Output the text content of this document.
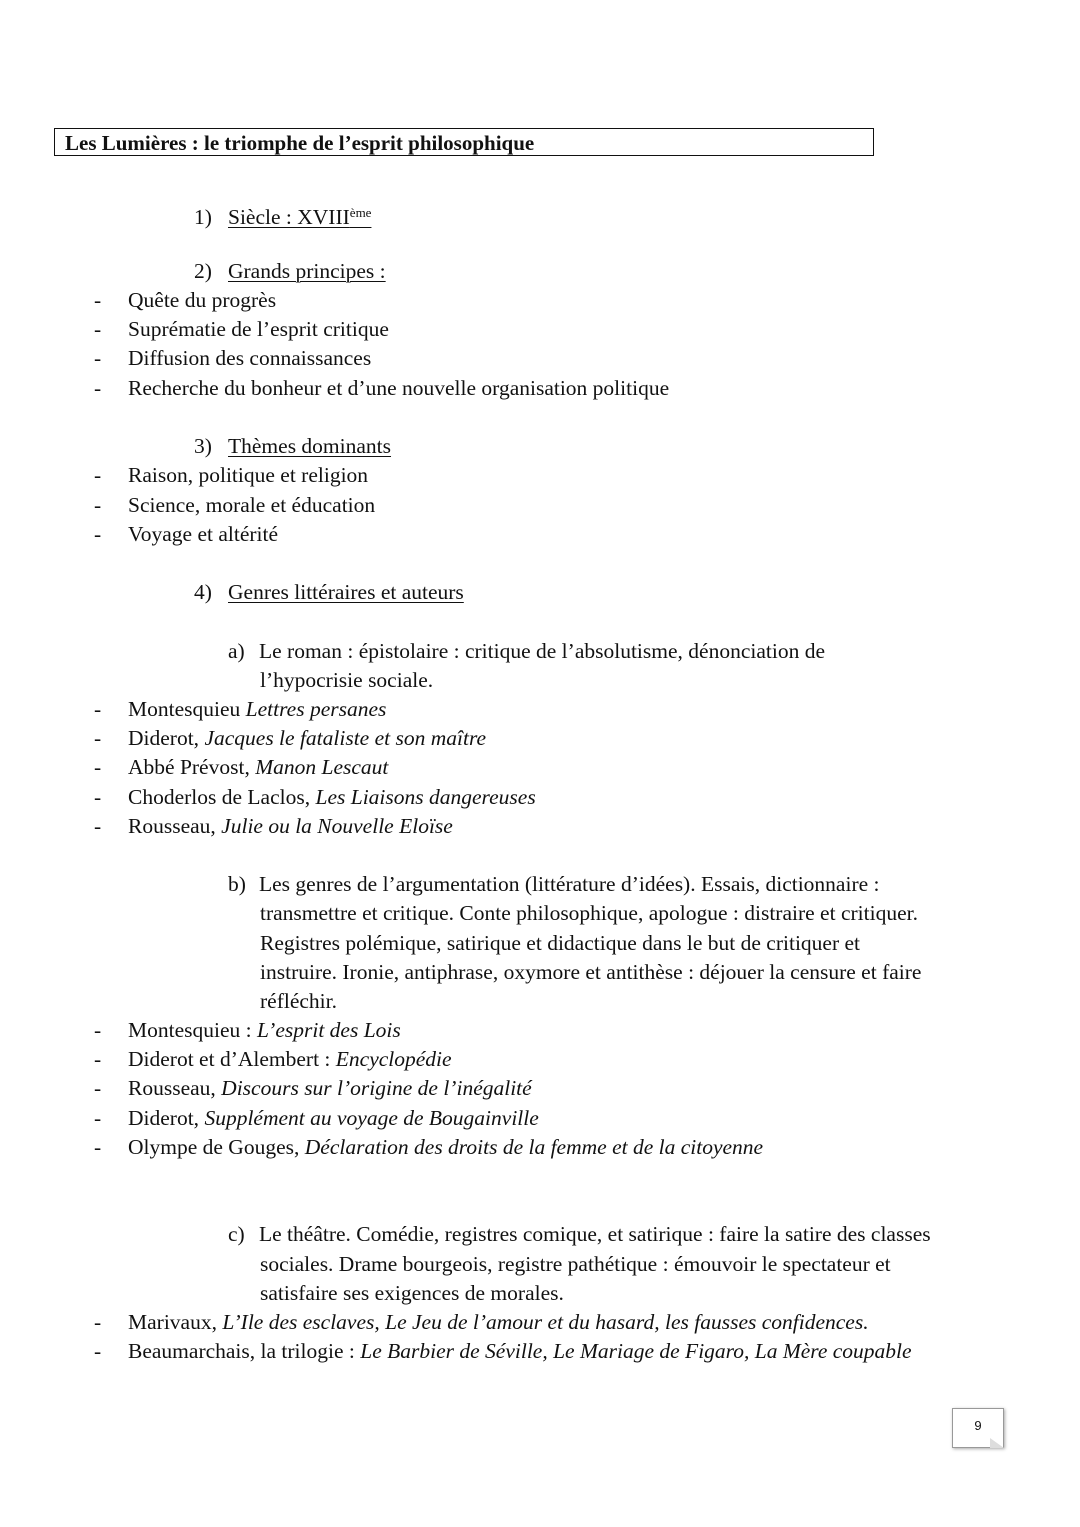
Les Lumières : le triomphe de l’esprit philosophique
1) Siècle : XVIIIème
2) Grands principes :
- Quête du progrès
- Suprématie de l’esprit critique
- Diffusion des connaissances
- Recherche du bonheur et d’une nouvelle organisation politique
3) Thèmes dominants
- Raison, politique et religion
- Science, morale et éducation
- Voyage et altérité
4) Genres littéraires et auteurs
a) Le roman : épistolaire : critique de l’absolutisme, dénonciation de
l’hypocrisie sociale.
- Montesquieu Lettres persanes
- Diderot, Jacques le fataliste et son maître
- Abbé Prévost, Manon Lescaut
- Choderlos de Laclos, Les Liaisons dangereuses
- Rousseau, Julie ou la Nouvelle Eloïse
b) Les genres de l’argumentation (littérature d’idées). Essais, dictionnaire :
transmettre et critique. Conte philosophique, apologue : distraire et critiquer.
Registres polémique, satirique et didactique dans le but de critiquer et
instruire. Ironie, antiphrase, oxymore et antithèse : déjouer la censure et faire
réfléchir.
- Montesquieu : L’esprit des Lois
- Diderot et d’Alembert : Encyclopédie
- Rousseau, Discours sur l’origine de l’inégalité
- Diderot, Supplément au voyage de Bougainville
- Olympe de Gouges, Déclaration des droits de la femme et de la citoyenne
c) Le théâtre. Comédie, registres comique, et satirique : faire la satire des classes
sociales. Drame bourgeois, registre pathétique : émouvoir le spectateur et
satisfaire ses exigences de morales.
- Marivaux, L’Ile des esclaves, Le Jeu de l’amour et du hasard, les fausses confidences.
- Beaumarchais, la trilogie : Le Barbier de Séville, Le Mariage de Figaro, La Mère coupable
9
